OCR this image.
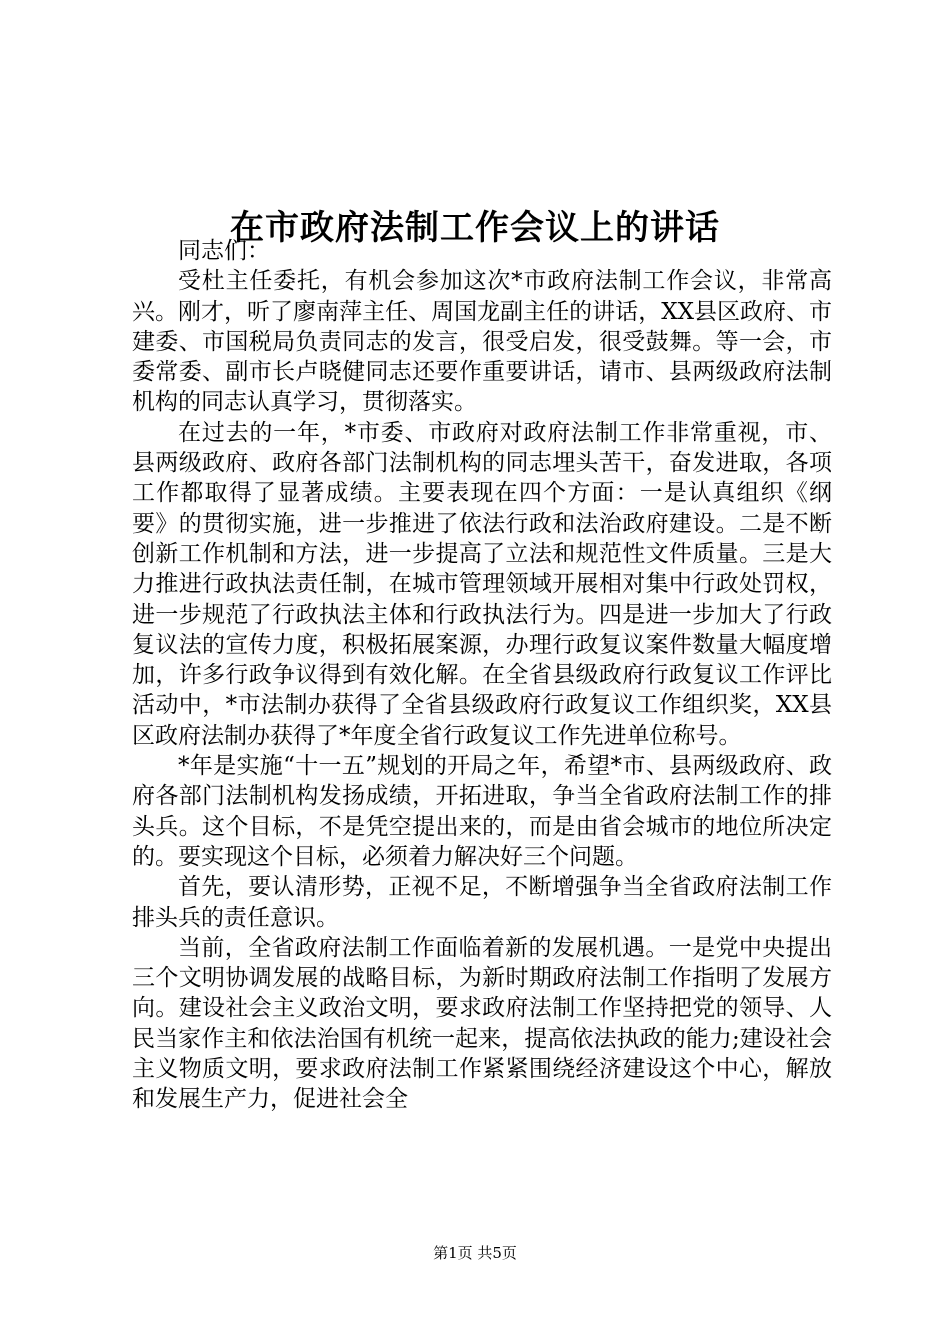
在市政府法制工作会议上的讲话

同志们：

受杜主任委托，有机会参加这次*市政府法制工作会议，非常高兴。刚才，听了廖南萍主任、周国龙副主任的讲话，XX县区政府、市建委、市国税局负责同志的发言，很受启发，很受鼓舞。等一会，市委常委、副市长卢晓健同志还要作重要讲话，请市、县两级政府法制机构的同志认真学习，贯彻落实。

在过去的一年，*市委、市政府对政府法制工作非常重视，市、县两级政府、政府各部门法制机构的同志埋头苦干，奋发进取，各项工作都取得了显著成绩。主要表现在四个方面：一是认真组织《纲要》的贯彻实施，进一步推进了依法行政和法治政府建设。二是不断创新工作机制和方法，进一步提高了立法和规范性文件质量。三是大力推进行政执法责任制，在城市管理领域开展相对集中行政处罚权，进一步规范了行政执法主体和行政执法行为。四是进一步加大了行政复议法的宣传力度，积极拓展案源，办理行政复议案件数量大幅度增加，许多行政争议得到有效化解。在全省县级政府行政复议工作评比活动中，*市法制办获得了全省县级政府行政复议工作组织奖，XX县区政府法制办获得了*年度全省行政复议工作先进单位称号。

*年是实施“十一五”规划的开局之年，希望*市、县两级政府、政府各部门法制机构发扬成绩，开拓进取，争当全省政府法制工作的排头兵。这个目标，不是凭空提出来的，而是由省会城市的地位所决定的。要实现这个目标，必须着力解决好三个问题。

首先，要认清形势，正视不足，不断增强争当全省政府法制工作排头兵的责任意识。

当前，全省政府法制工作面临着新的发展机遇。一是党中央提出三个文明协调发展的战略目标，为新时期政府法制工作指明了发展方向。建设社会主义政治文明，要求政府法制工作坚持把党的领导、人民当家作主和依法治国有机统一起来，提高依法执政的能力;建设社会主义物质文明，要求政府法制工作紧紧围绕经济建设这个中心，解放和发展生产力，促进社会全

第1页 共5页
